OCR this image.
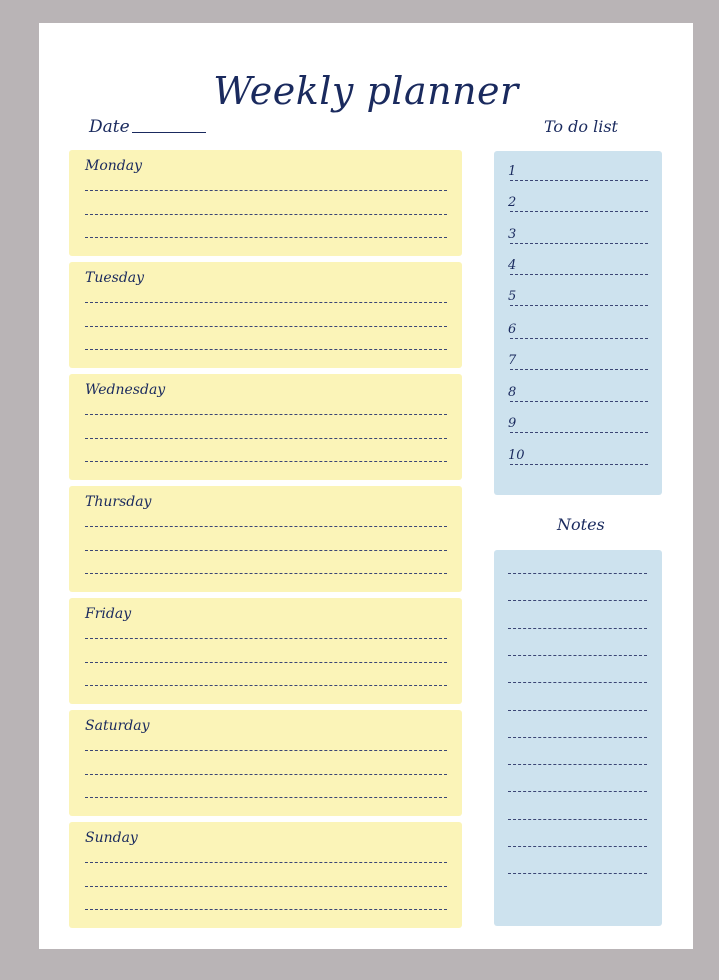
Weekly planner
Date	To do list
Monday
Tuesday
Wednesday
Thursday
Friday
Saturday
Sunday
1
2
3
4
5
6
7
8
9
10
Notes
